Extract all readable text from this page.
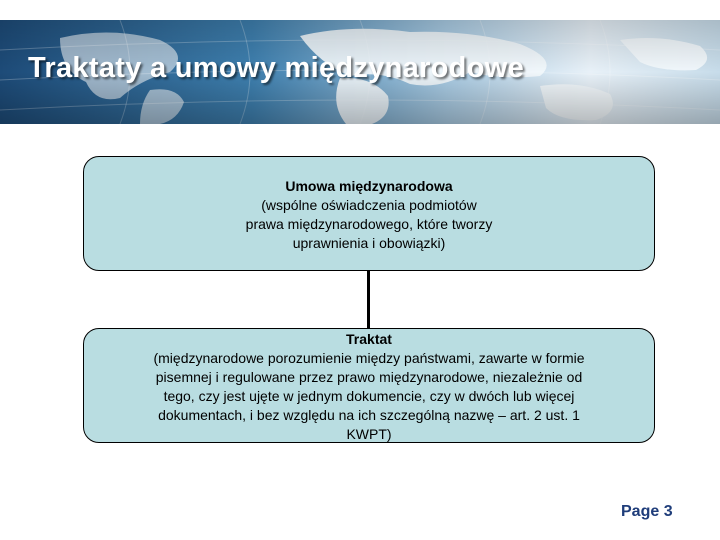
Traktaty a umowy międzynarodowe
Umowa międzynarodowa
(wspólne oświadczenia podmiotów prawa międzynarodowego, które tworzy uprawnienia i obowiązki)
Traktat
(międzynarodowe porozumienie między państwami, zawarte w formie pisemnej i regulowane przez prawo międzynarodowe, niezależnie od tego, czy jest ujęte w jednym dokumencie, czy w dwóch lub więcej dokumentach, i bez względu na ich szczególną nazwę – art. 2 ust. 1 KWPT)
Page 3
